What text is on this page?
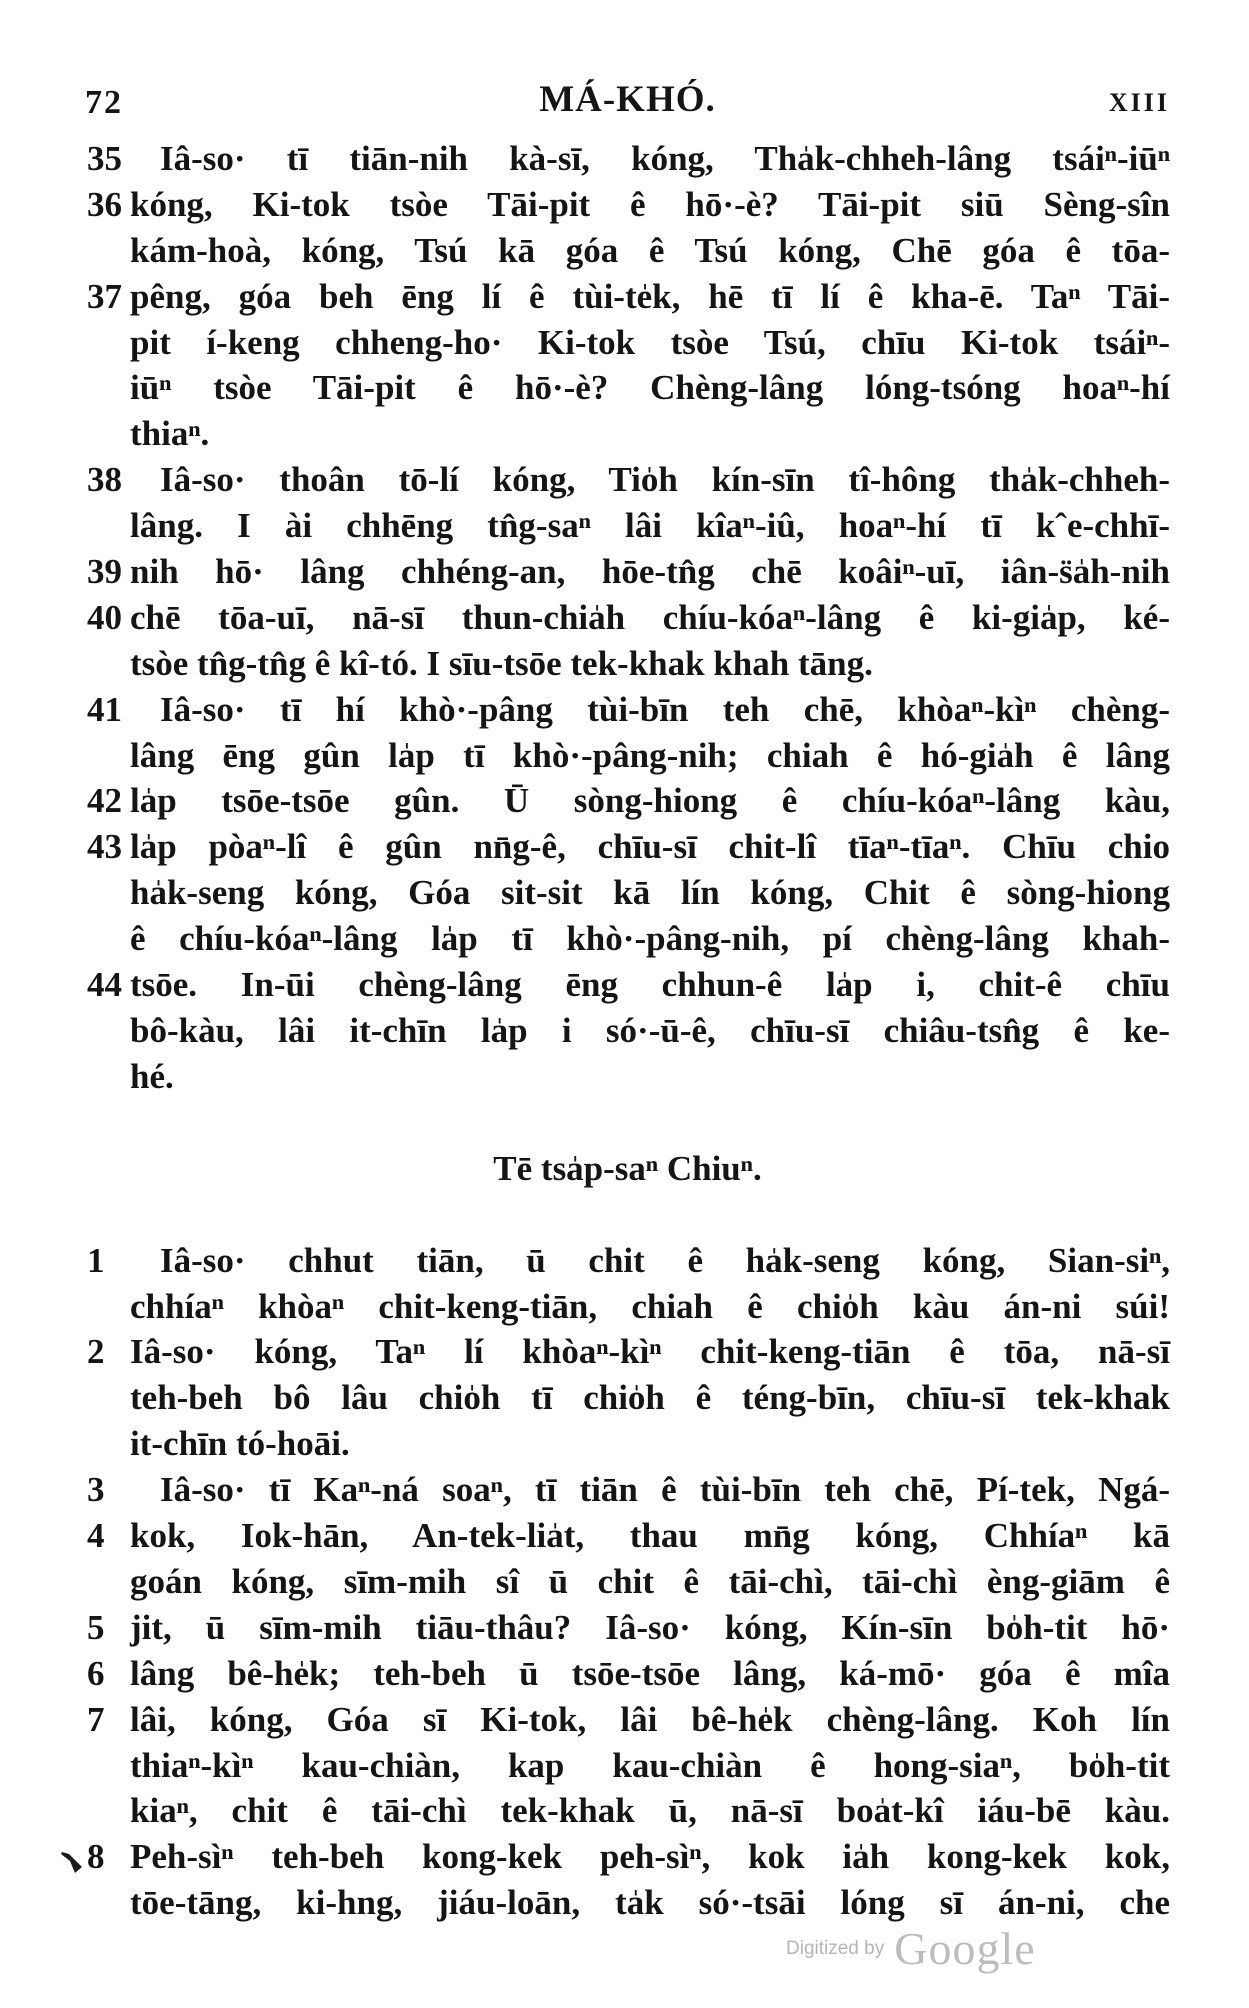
72	MÁ-KHÓ.	XIII
35 Iâ-so· tī tiān-nih kà-sī, kóng, Tha̍k-chheh-lâng tsáiⁿ-iūⁿ
36 kóng, Ki-tok tsòe Tāi-pit ê hō·-è? Tāi-pit siū Sèng-sîn
kám-hoà, kóng, Tsú kā góa ê Tsú kóng, Chē góa ê tōa-
37 pêng, góa beh ēng lí ê tùi-te̍k, hē tī lí ê kha-ē. Taⁿ Tāi-
pit í-keng chheng-ho· Ki-tok tsòe Tsú, chīu Ki-tok tsáiⁿ-
iūⁿ tsòe Tāi-pit ê hō·-è? Chèng-lâng lóng-tsóng hoaⁿ-hí
thiaⁿ.
38 Iâ-so· thoân tō-lí kóng, Tio̍h kín-sīn tî-hông tha̍k-chheh-
lâng. I ài chhēng tn̂g-saⁿ lâi kîaⁿ-iû, hoaⁿ-hí tī kˆe-chhī-
39 nih hō· lâng chhéng-an, hōe-tn̂g chē koâiⁿ-uī, iân-s̈a̍h-nih
40 chē tōa-uī, nā-sī thun-chia̍h chíu-kóaⁿ-lâng ê ki-gia̍p, ké-
tsòe tn̂g-tn̂g ê kî-tó. I sīu-tsōe tek-khak khah tāng.
41 Iâ-so· tī hí khò·-pâng tùi-bīn teh chē, khòaⁿ-kìⁿ chèng-
lâng ēng gûn la̍p tī khò·-pâng-nih; chiah ê hó-gia̍h ê lâng
42 la̍p tsōe-tsōe gûn. Ū sòng-hiong ê chíu-kóaⁿ-lâng kàu,
43 la̍p pòaⁿ-lî ê gûn nn̄g-ê, chīu-sī chit-lî tīaⁿ-tīaⁿ. Chīu chio
ha̍k-seng kóng, Góa sit-sit kā lín kóng, Chit ê sòng-hiong
ê chíu-kóaⁿ-lâng la̍p tī khò·-pâng-nih, pí chèng-lâng khah-
44 tsōe. In-ūi chèng-lâng ēng chhun-ê la̍p i, chit-ê chīu
bô-kàu, lâi it-chīn la̍p i só·-ū-ê, chīu-sī chiâu-tsn̂g ê ke-
hé.
Tē tsa̍p-saⁿ Chiuⁿ.
1 Iâ-so· chhut tiān, ū chit ê ha̍k-seng kóng, Sian-siⁿ,
chhíaⁿ khòaⁿ chit-keng-tiān, chiah ê chio̍h kàu án-ni súi!
2 Iâ-so· kóng, Taⁿ lí khòaⁿ-kìⁿ chit-keng-tiān ê tōa, nā-sī
teh-beh bô lâu chio̍h tī chio̍h ê téng-bīn, chīu-sī tek-khak
it-chīn tó-hoāi.
3 Iâ-so· tī Kaⁿ-ná soaⁿ, tī tiān ê tùi-bīn teh chē, Pí-tek, Ngá-
4 kok, Iok-hān, An-tek-lia̍t, thau mn̄g kóng, Chhíaⁿ kā
goán kóng, sīm-mih sî ū chit ê tāi-chì, tāi-chì èng-giām ê
5 jit, ū sīm-mih tiāu-thâu? Iâ-so· kóng, Kín-sīn bo̍h-tit hō·
6 lâng bê-he̍k; teh-beh ū tsōe-tsōe lâng, ká-mō· góa ê mîa
7 lâi, kóng, Góa sī Ki-tok, lâi bê-he̍k chèng-lâng. Koh lín
thiaⁿ-kìⁿ kau-chiàn, kap kau-chiàn ê hong-siaⁿ, bo̍h-tit
kiaⁿ, chit ê tāi-chì tek-khak ū, nā-sī boa̍t-kî iáu-bē kàu.
8 Peh-sìⁿ teh-beh kong-kek peh-sìⁿ, kok ia̍h kong-kek kok,
tōe-tāng, ki-hng, jiáu-loān, ta̍k só·-tsāi lóng sī án-ni, che
Digitized by Google
